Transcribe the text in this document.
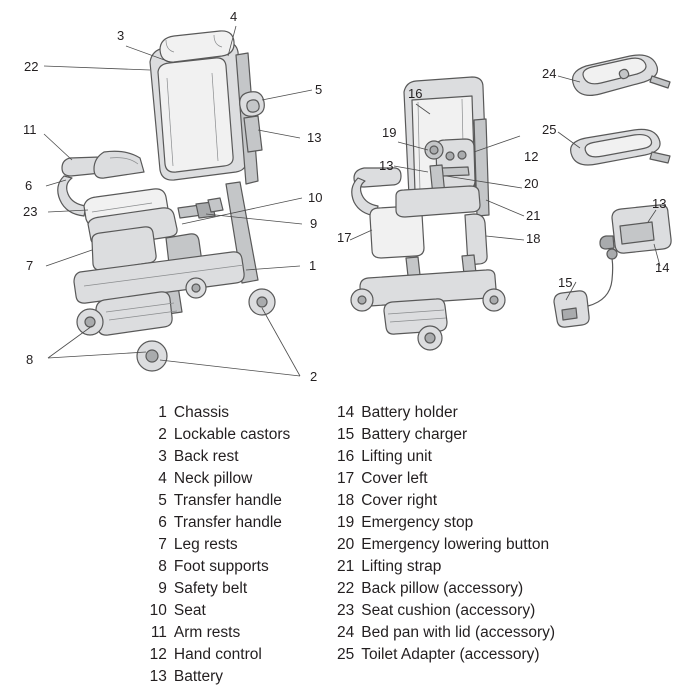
22
3
4
5
13
11
6
23
7
10
9
1
8
2
16
19
13
17
12
20
21
18
24
25
13
15
14
1 Chassis
2 Lockable castors
3 Back rest
4 Neck pillow
5 Transfer handle
6 Transfer handle
7 Leg rests
8 Foot supports
9 Safety belt
10 Seat
11 Arm rests
12 Hand control
13 Battery
14 Battery holder
15 Battery charger
16 Lifting unit
17 Cover left
18 Cover right
19 Emergency stop
20 Emergency lowering button
21 Lifting strap
22 Back pillow (accessory)
23 Seat cushion (accessory)
24 Bed pan with lid (accessory)
25 Toilet Adapter (accessory)
